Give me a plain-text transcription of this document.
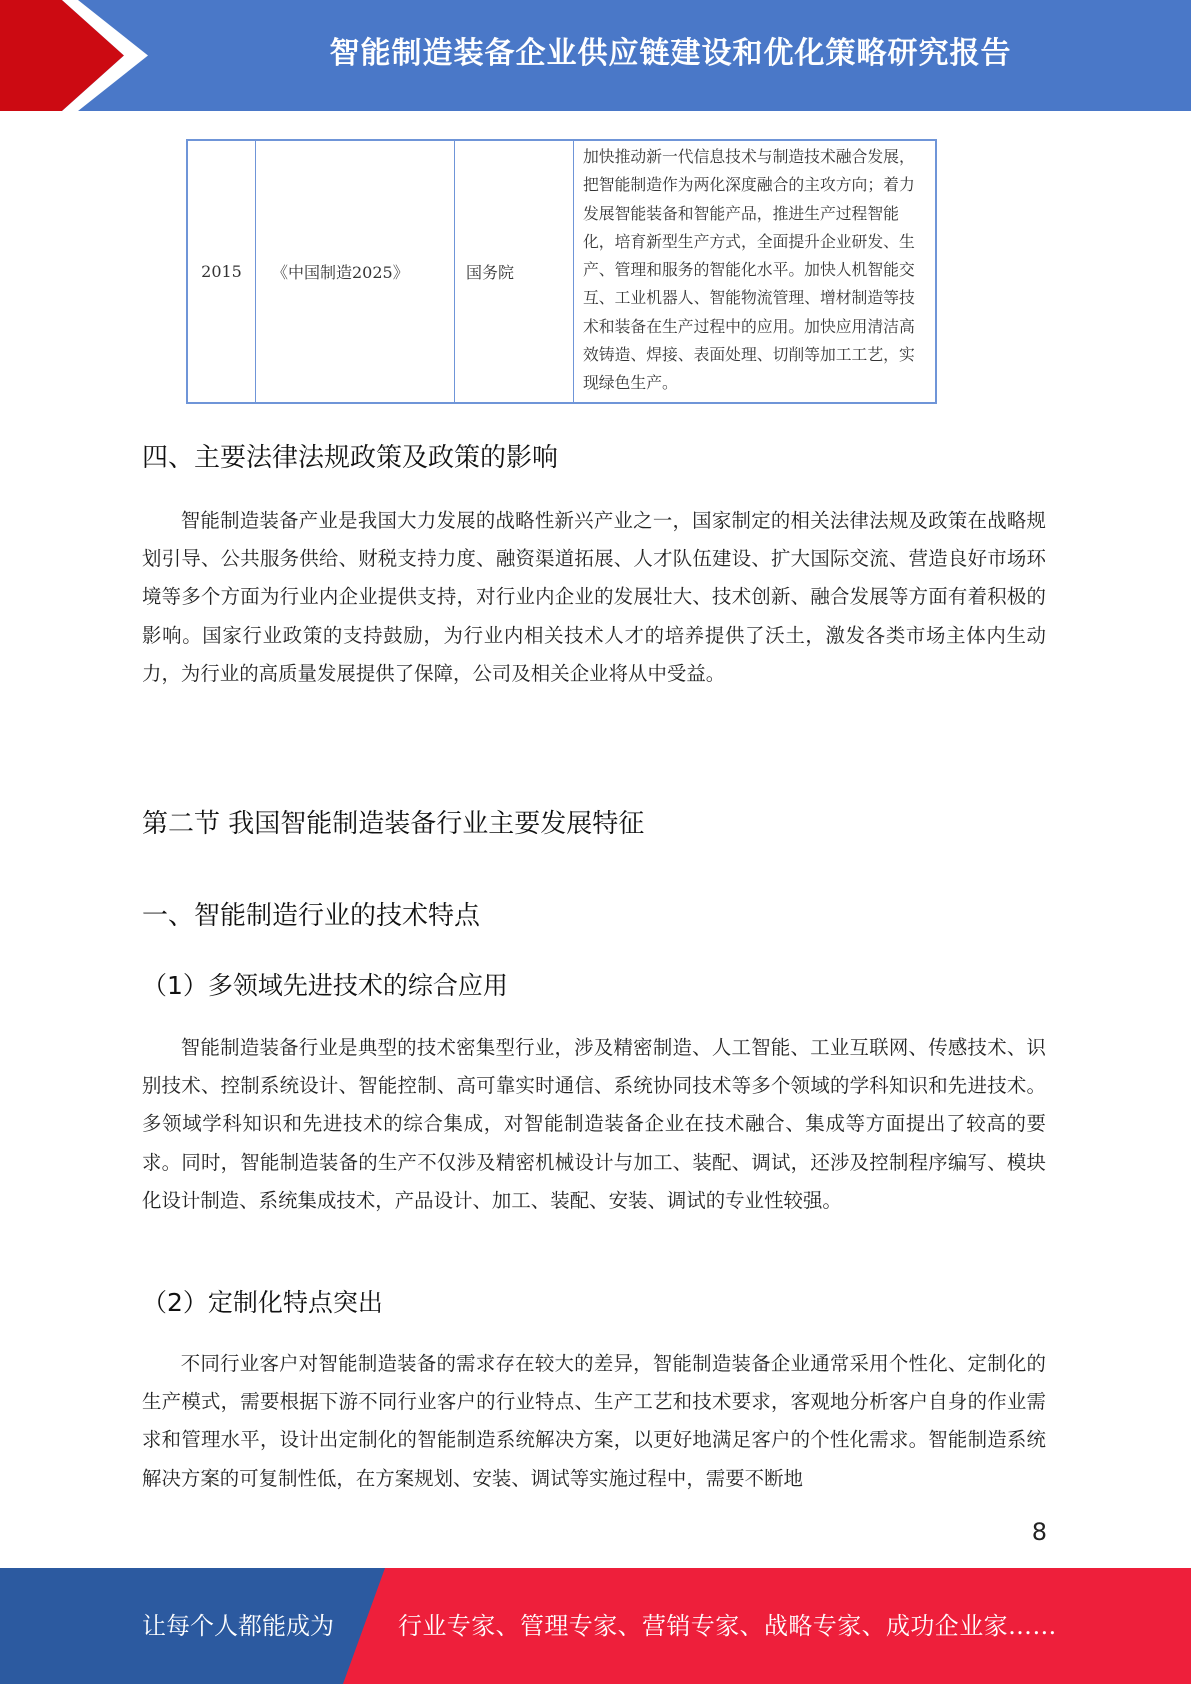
智能制造装备企业供应链建设和优化策略研究报告
2015	《中国制造2025》	国务院	加快推动新一代信息技术与制造技术融合发展，把智能制造作为两化深度融合的主攻方向；着力发展智能装备和智能产品，推进生产过程智能化，培育新型生产方式，全面提升企业研发、生产、管理和服务的智能化水平。加快人机智能交互、工业机器人、智能物流管理、增材制造等技术和装备在生产过程中的应用。加快应用清洁高效铸造、焊接、表面处理、切削等加工工艺，实现绿色生产。
四、主要法律法规政策及政策的影响

智能制造装备产业是我国大力发展的战略性新兴产业之一，国家制定的相关法律法规及政策在战略规划引导、公共服务供给、财税支持力度、融资渠道拓展、人才队伍建设、扩大国际交流、营造良好市场环境等多个方面为行业内企业提供支持，对行业内企业的发展壮大、技术创新、融合发展等方面有着积极的影响。国家行业政策的支持鼓励，为行业内相关技术人才的培养提供了沃土，激发各类市场主体内生动力，为行业的高质量发展提供了保障，公司及相关企业将从中受益。

第二节 我国智能制造装备行业主要发展特征
一、智能制造行业的技术特点
（1）多领域先进技术的综合应用

智能制造装备行业是典型的技术密集型行业，涉及精密制造、人工智能、工业互联网、传感技术、识别技术、控制系统设计、智能控制、高可靠实时通信、系统协同技术等多个领域的学科知识和先进技术。多领域学科知识和先进技术的综合集成，对智能制造装备企业在技术融合、集成等方面提出了较高的要求。同时，智能制造装备的生产不仅涉及精密机械设计与加工、装配、调试，还涉及控制程序编写、模块化设计制造、系统集成技术，产品设计、加工、装配、安装、调试的专业性较强。

（2）定制化特点突出

不同行业客户对智能制造装备的需求存在较大的差异，智能制造装备企业通常采用个性化、定制化的生产模式，需要根据下游不同行业客户的行业特点、生产工艺和技术要求，客观地分析客户自身的作业需求和管理水平，设计出定制化的智能制造系统解决方案，以更好地满足客户的个性化需求。智能制造系统解决方案的可复制性低，在方案规划、安装、调试等实施过程中，需要不断地

8
让每个人都能成为	行业专家、管理专家、营销专家、战略专家、成功企业家……
